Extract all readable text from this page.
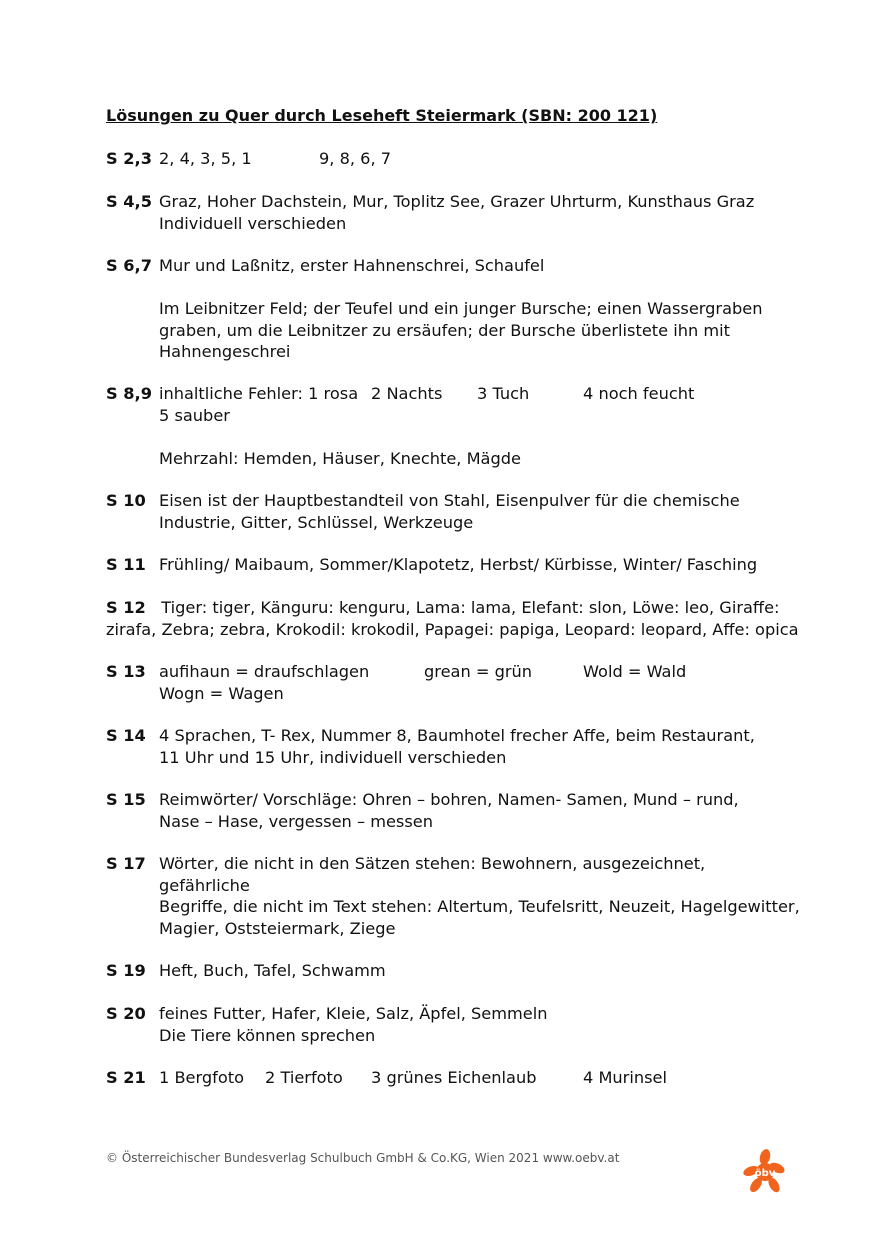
Lösungen zu Quer durch Leseheft Steiermark (SBN: 200 121)
S 2,3 2, 4, 3, 5, 1	9, 8, 6, 7
S 4,5 Graz, Hoher Dachstein, Mur, Toplitz See, Grazer Uhrturm, Kunsthaus Graz
Individuell verschieden
S 6,7 Mur und Laßnitz, erster Hahnenschrei, Schaufel
Im Leibnitzer Feld; der Teufel und ein junger Bursche; einen Wassergraben
graben, um die Leibnitzer zu ersäufen; der Bursche überlistete ihn mit
Hahnengeschrei
S 8,9 inhaltliche Fehler: 1 rosa 2 Nachts 3 Tuch	4 noch feucht
5 sauber
Mehrzahl: Hemden, Häuser, Knechte, Mägde
S 10 Eisen ist der Hauptbestandteil von Stahl, Eisenpulver für die chemische
Industrie, Gitter, Schlüssel, Werkzeuge
S 11 Frühling/ Maibaum, Sommer/Klapotetz, Herbst/ Kürbisse, Winter/ Fasching
S 12 Tiger: tiger, Känguru: kenguru, Lama: lama, Elefant: slon, Löwe: leo, Giraffe:
zirafa, Zebra; zebra, Krokodil: krokodil, Papagei: papiga, Leopard: leopard, Affe: opica
S 13 aufihaun = draufschlagen	grean = grün	Wold = Wald
Wogn = Wagen
S 14 4 Sprachen, T- Rex, Nummer 8, Baumhotel frecher Affe, beim Restaurant,
11 Uhr und 15 Uhr, individuell verschieden
S 15 Reimwörter/ Vorschläge: Ohren – bohren, Namen- Samen, Mund – rund,
Nase – Hase, vergessen – messen
S 17 Wörter, die nicht in den Sätzen stehen: Bewohnern, ausgezeichnet,
gefährliche
Begriffe, die nicht im Text stehen: Altertum, Teufelsritt, Neuzeit, Hagelgewitter,
Magier, Oststeiermark, Ziege
S 19 Heft, Buch, Tafel, Schwamm
S 20 feines Futter, Hafer, Kleie, Salz, Äpfel, Semmeln
Die Tiere können sprechen
S 21 1 Bergfoto 2 Tierfoto 3 grünes Eichenlaub	4 Murinsel
© Österreichischer Bundesverlag Schulbuch GmbH & Co.KG, Wien 2021 www.oebv.at
öbv
